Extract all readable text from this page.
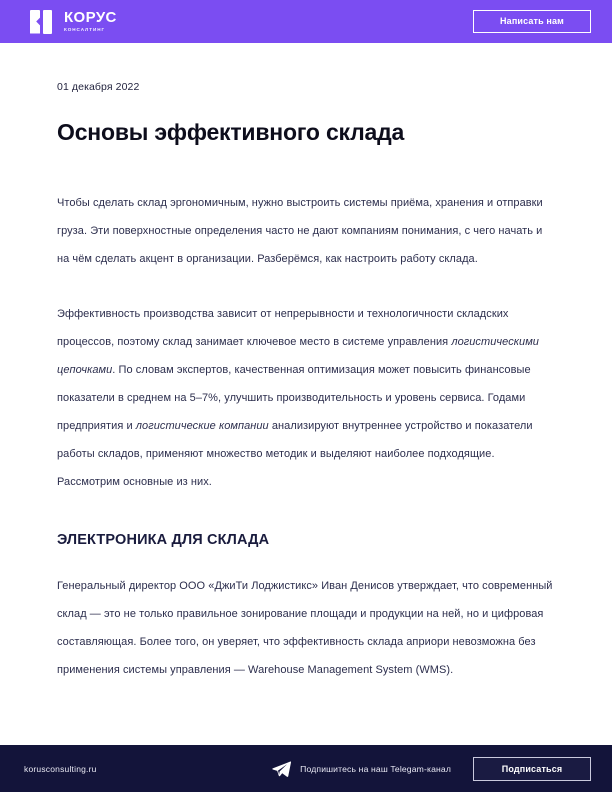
КОРУС
КОНСАЛТИНГ
Написать нам
01 декабря 2022
Основы эффективного склада

Чтобы сделать склад эргономичным, нужно выстроить системы приёма, хранения и отправки груза. Эти поверхностные определения часто не дают компаниям понимания, с чего начать и на чём сделать акцент в организации. Разберёмся, как настроить работу склада.

Эффективность производства зависит от непрерывности и технологичности складских процессов, поэтому склад занимает ключевое место в системе управления логистическими цепочками. По словам экспертов, качественная оптимизация может повысить финансовые показатели в среднем на 5–7%, улучшить производительность и уровень сервиса. Годами предприятия и логистические компании анализируют внутреннее устройство и показатели работы складов, применяют множество методик и выделяют наиболее подходящие. Рассмотрим основные из них.

ЭЛЕКТРОНИКА ДЛЯ СКЛАДА

Генеральный директор ООО «ДжиТи Лоджистикс» Иван Денисов утверждает, что современный склад — это не только правильное зонирование площади и продукции на ней, но и цифровая составляющая. Более того, он уверяет, что эффективность склада априори невозможна без применения системы управления — Warehouse Management System (WMS).

korusconsulting.ru	Подпишитесь на наш Telegam-канал	Подписаться
